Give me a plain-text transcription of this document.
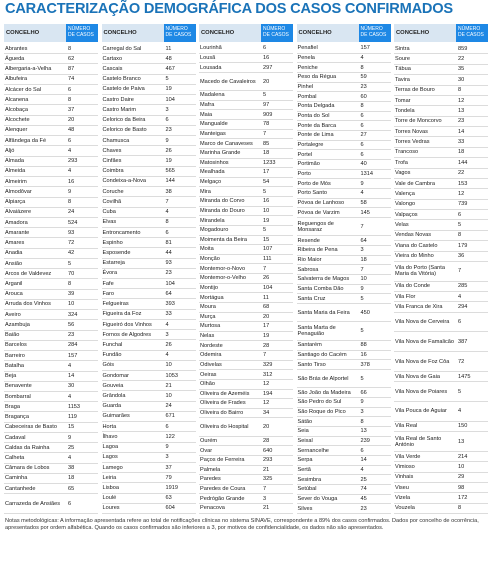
CARACTERIZAÇÃO DEMOGRÁFICA DOS CASOS CONFIRMADOS
CONCELHO
NÚMERO DE CASOS
Abrantes	8
Águeda	62
Albergaria-a-Velha	87
Albufeira	74
Alcácer do Sal	6
Alcanena	8
Alcobaça	37
Alcochete	20
Alenquer	48
Alfândega da Fé	6
Aljó	4
Almada	293
Almeida	4
Almeirim	16
Almodôvar	9
Alpiarça	8
Alvaiázere	24
Amadora	524
Amarante	93
Amares	72
Anadia	42
Ansião	5
Arcos de Valdevez	70
Arganil	8
Arouca	39
Arruda dos Vinhos	10
Aveiro	324
Azambuja	56
Baião	23
Barcelos	284
Barreiro	157
Batalha	4
Beja	14
Benavente	30
Bombarral	4
Braga	1153
Bragança	119
Cabeceiras de Basto	15
Cadaval	9
Caldas da Rainha	25
Calheta	4
Câmara de Lobos	38
Caminha	18
Cantanhede	65
Carrazeda de Ansiães	6
CONCELHO
NÚMERO DE CASOS
Carregal do Sal	11
Cartaxo	48
Cascais	467
Castelo Branco	5
Castelo de Paiva	19
Castro Daire	104
Castro Marim	3
Celorico da Beira	6
Celorico de Basto	23
Chamusca	9
Chaves	26
Cinfães	19
Coimbra	565
Condeixa-a-Nova	144
Coruche	38
Covilhã	7
Cuba	4
Elvas	8
Entroncamento	6
Espinho	81
Esposende	44
Estarreja	93
Évora	23
Fafe	104
Faro	64
Felgueiras	393
Figueira da Foz	33
Figueiró dos Vinhos	4
Fornos de Algodres	3
Funchal	26
Fundão	4
Góis	10
Gondomar	1053
Gouveia	21
Grândola	10
Guarda	24
Guimarães	671
Horta	6
Ílhavo	122
Lagoa	9
Lagos	3
Lamego	37
Leiria	79
Lisboa	1919
Loulé	63
Loures	604
CONCELHO
NÚMERO DE CASOS
Lourinhã	6
Lousã	16
Lousada	297
Macedo de Cavaleiros	20
Madalena	5
Mafra	97
Maia	909
Mangualde	78
Manteigas	7
Marco de Canaveses	85
Marinha Grande	18
Matosinhos	1233
Mealhada	17
Melgaço	54
Mira	5
Miranda do Corvo	16
Miranda do Douro	10
Mirandela	19
Mogadouro	5
Moimenta da Beira	15
Moita	107
Monção	111
Montemor-o-Novo	7
Montemor-o-Velho	26
Montijo	104
Mortágua	11
Moura	68
Murça	20
Murtosa	17
Nelas	19
Nordeste	28
Odemira	7
Odivelas	329
Oeiras	312
Olhão	12
Oliveira de Azeméis	194
Oliveira de Frades	12
Oliveira do Bairro	34
Oliveira do Hospital	20
Ourém	28
Ovar	640
Paços de Ferreira	293
Palmela	21
Paredes	325
Paredes de Coura	7
Pedrógão Grande	3
Penacova	21
CONCELHO
NÚMERO DE CASOS
Penafiel	157
Penela	4
Peniche	8
Peso da Régua	59
Pinhel	23
Pombal	60
Ponta Delgada	8
Ponta do Sol	6
Ponte da Barca	6
Ponte de Lima	27
Portalegre	6
Portel	6
Portimão	40
Porto	1314
Porto de Mós	9
Porto Santo	4
Póvoa de Lanhoso	58
Póvoa de Varzim	145
Reguengos de Monsaraz	7
Resende	64
Ribeira de Pena	3
Rio Maior	18
Sabrosa	7
Salvaterra de Magos	10
Santa Comba Dão	9
Santa Cruz	5
Santa Maria da Feira	450
Santa Marta de Penaguião	5
Santarém	88
Santiago do Cacém	16
Santo Tirso	378
São Brás de Alportel	5
São João da Madeira	66
São Pedro do Sul	9
São Roque do Pico	3
Sátão	8
Seia	13
Seixal	239
Sernancelhe	6
Serpa	14
Sertã	4
Sesimbra	25
Setúbal	74
Sever do Vouga	45
Silves	23
CONCELHO
NÚMERO DE CASOS
Sintra	859
Soure	22
Tábua	35
Tavira	30
Terras de Bouro	8
Tomar	12
Tondela	13
Torre de Moncorvo	23
Torres Novas	14
Torres Vedras	33
Trancoso	18
Trofa	144
Vagos	22
Vale de Cambra	153
Valença	12
Valongo	739
Valpaços	6
Velas	5
Vendas Novas	8
Viana do Castelo	179
Vieira do Minho	36
Vila do Porto (Santa Maria da Vitória)	7
Vila do Conde	285
Vila Flor	4
Vila Franca de Xira	294
Vila Nova de Cerveira	6
Vila Nova de Famalicão 387
Vila Nova de Foz Côa	72
Vila Nova de Gaia	1475
Vila Nova de Poiares	5
Vila Pouca de Aguiar	4
Vila Real	150
Vila Real de Santo António	13
Vila Verde	214
Vimioso	10
Vinhais	29
Viseu	98
Vizela	172
Vouzela	8
Notas metodológicas: A informação apresentada refere ao total de notificações clínicas no sistema SINAVE, correspondente a 89% dos casos confirmados. Dados por concelho de ocorrência, apresentados por ordem alfabética. Quando os casos confirmados são inferiores a 3, por motivos de confidencialidade, os dados não são apresentados.
